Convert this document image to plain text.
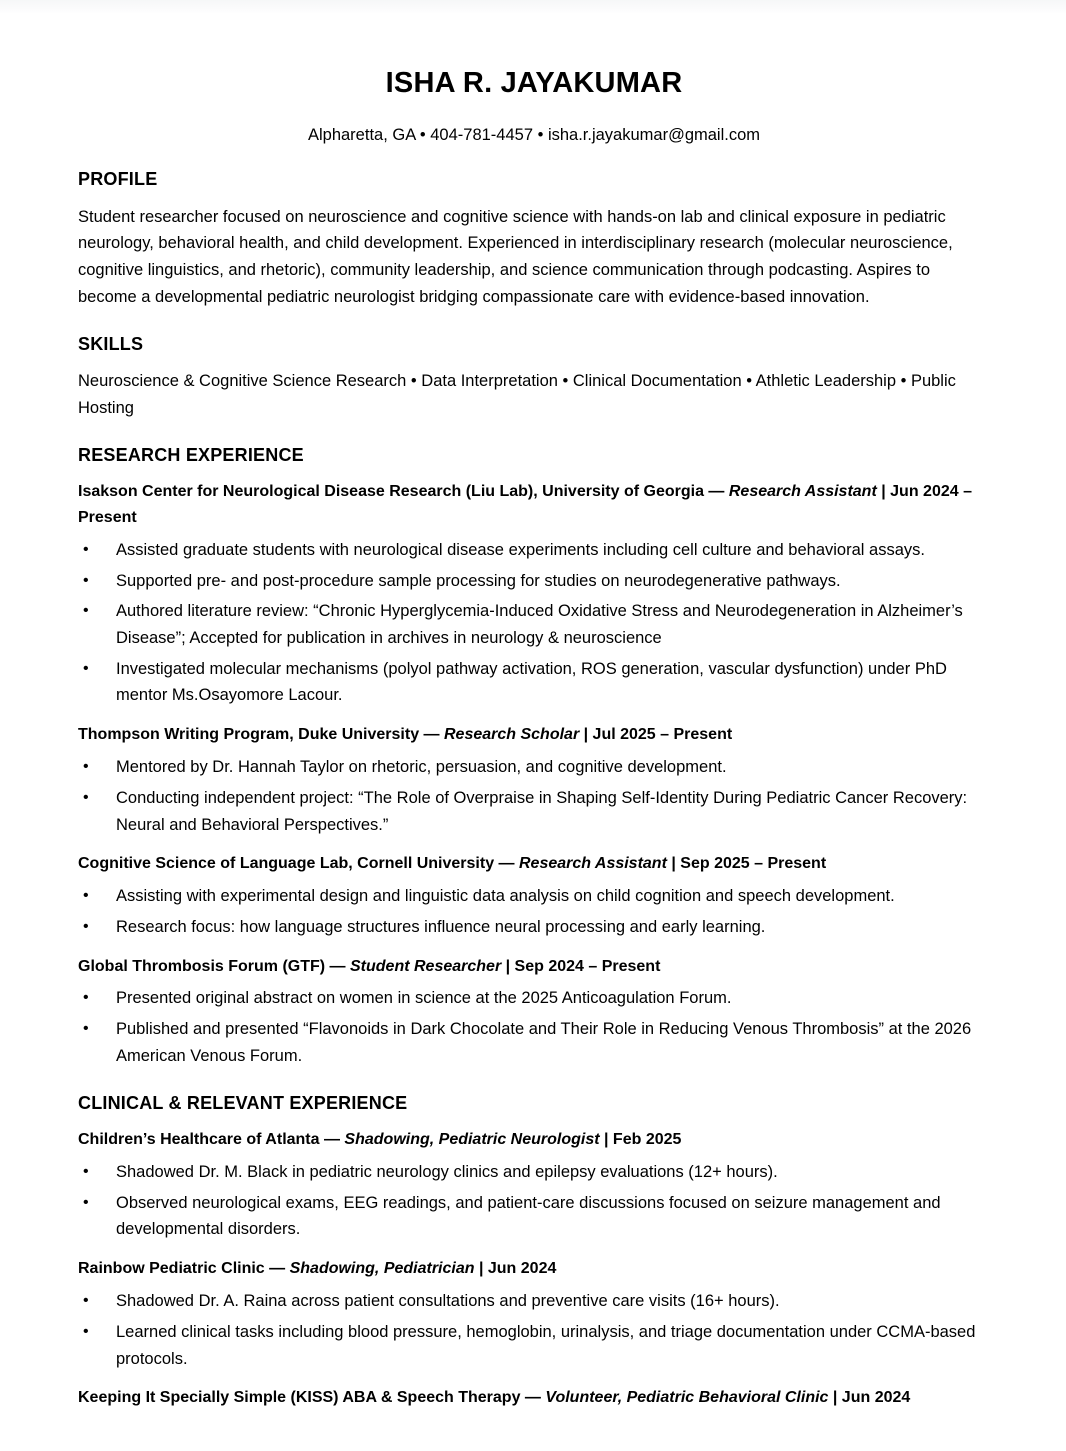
ISHA R. JAYAKUMAR

Alpharetta, GA • 404-781-4457 • isha.r.jayakumar@gmail.com

PROFILE

Student researcher focused on neuroscience and cognitive science with hands-on lab and clinical exposure in pediatric neurology, behavioral health, and child development. Experienced in interdisciplinary research (molecular neuroscience, cognitive linguistics, and rhetoric), community leadership, and science communication through podcasting. Aspires to become a developmental pediatric neurologist bridging compassionate care with evidence-based innovation.

SKILLS

Neuroscience & Cognitive Science Research • Data Interpretation • Clinical Documentation • Athletic Leadership • Public Hosting

RESEARCH EXPERIENCE

Isakson Center for Neurological Disease Research (Liu Lab), University of Georgia — Research Assistant | Jun 2024 – Present

• Assisted graduate students with neurological disease experiments including cell culture and behavioral assays.
• Supported pre- and post-procedure sample processing for studies on neurodegenerative pathways.
• Authored literature review: “Chronic Hyperglycemia-Induced Oxidative Stress and Neurodegeneration in Alzheimer’s Disease”; Accepted for publication in archives in neurology & neuroscience
• Investigated molecular mechanisms (polyol pathway activation, ROS generation, vascular dysfunction) under PhD mentor Ms.Osayomore Lacour.

Thompson Writing Program, Duke University — Research Scholar | Jul 2025 – Present

• Mentored by Dr. Hannah Taylor on rhetoric, persuasion, and cognitive development.
• Conducting independent project: “The Role of Overpraise in Shaping Self-Identity During Pediatric Cancer Recovery: Neural and Behavioral Perspectives.”

Cognitive Science of Language Lab, Cornell University — Research Assistant | Sep 2025 – Present

• Assisting with experimental design and linguistic data analysis on child cognition and speech development.
• Research focus: how language structures influence neural processing and early learning.

Global Thrombosis Forum (GTF) — Student Researcher | Sep 2024 – Present

• Presented original abstract on women in science at the 2025 Anticoagulation Forum.
• Published and presented “Flavonoids in Dark Chocolate and Their Role in Reducing Venous Thrombosis” at the 2026 American Venous Forum.
CLINICAL & RELEVANT EXPERIENCE

Children’s Healthcare of Atlanta — Shadowing, Pediatric Neurologist | Feb 2025

• Shadowed Dr. M. Black in pediatric neurology clinics and epilepsy evaluations (12+ hours).
• Observed neurological exams, EEG readings, and patient-care discussions focused on seizure management and developmental disorders.

Rainbow Pediatric Clinic — Shadowing, Pediatrician | Jun 2024

• Shadowed Dr. A. Raina across patient consultations and preventive care visits (16+ hours).
• Learned clinical tasks including blood pressure, hemoglobin, urinalysis, and triage documentation under CCMA-based protocols.

Keeping It Specially Simple (KISS) ABA & Speech Therapy — Volunteer, Pediatric Behavioral Clinic | Jun 2024
